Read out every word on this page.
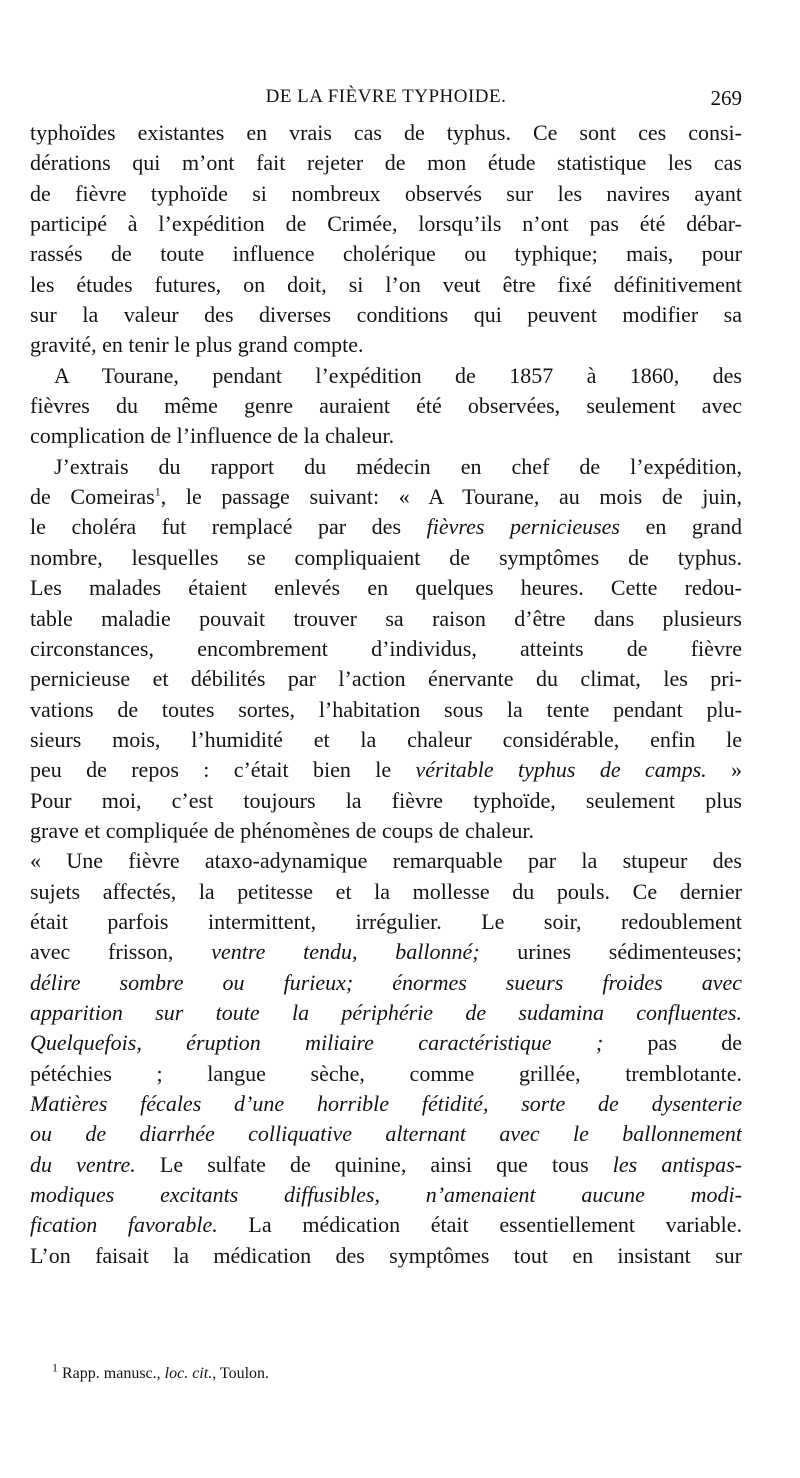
DE LA FIÈVRE TYPHOIDE.	269
typhoïdes existantes en vrais cas de typhus. Ce sont ces consi-
dérations qui m’ont fait rejeter de mon étude statistique les cas
de fièvre typhoïde si nombreux observés sur les navires ayant
participé à l’expédition de Crimée, lorsqu’ils n’ont pas été débar-
rassés de toute influence cholérique ou typhique; mais, pour
les études futures, on doit, si l’on veut être fixé définitivement
sur la valeur des diverses conditions qui peuvent modifier sa
gravité, en tenir le plus grand compte.
A Tourane, pendant l’expédition de 1857 à 1860, des
fièvres du même genre auraient été observées, seulement avec
complication de l’influence de la chaleur.
J’extrais du rapport du médecin en chef de l’expédition,
de Comeiras$^1$, le passage suivant: « A Tourane, au mois de juin,
le choléra fut remplacé par des fièvres pernicieuses en grand
nombre, lesquelles se compliquaient de symptômes de typhus.
Les malades étaient enlevés en quelques heures. Cette redou-
table maladie pouvait trouver sa raison d’être dans plusieurs
circonstances, encombrement d’individus, atteints de fièvre
pernicieuse et débilités par l’action énervante du climat, les pri-
vations de toutes sortes, l’habitation sous la tente pendant plu-
sieurs mois, l’humidité et la chaleur considérable, enfin le
peu de repos : c’était bien le véritable typhus de camps. »
Pour moi, c’est toujours la fièvre typhoïde, seulement plus
grave et compliquée de phénomènes de coups de chaleur.
« Une fièvre ataxo-adynamique remarquable par la stupeur des
sujets affectés, la petitesse et la mollesse du pouls. Ce dernier
était parfois intermittent, irrégulier. Le soir, redoublement
avec frisson, ventre tendu, ballonné; urines sédimenteuses;
délire sombre ou furieux; énormes sueurs froides avec
apparition sur toute la périphérie de sudamina confluentes.
Quelquefois, éruption miliaire caractéristique ; pas de
pétéchies ; langue sèche, comme grillée, tremblotante.
Matières fécales d’une horrible fétidité, sorte de dysenterie
ou de diarrhée colliquative alternant avec le ballonnement
du ventre. Le sulfate de quinine, ainsi que tous les antispas-
modiques excitants diffusibles, n’amenaient aucune modi-
fication favorable. La médication était essentiellement variable.
L’on faisait la médication des symptômes tout en insistant sur
$^1$ Rapp. manusc., loc. cit., Toulon.
